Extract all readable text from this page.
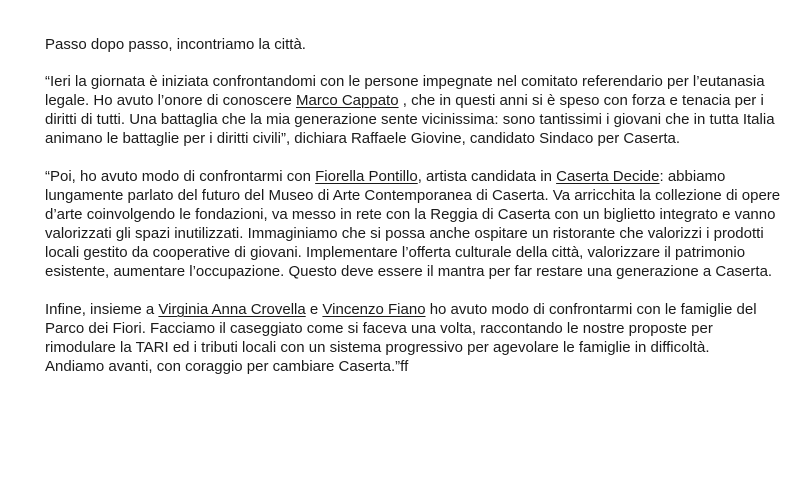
Passo dopo passo, incontriamo la città.

“Ieri la giornata è iniziata confrontandomi con le persone impegnate nel comitato referendario per l’eutanasia legale. Ho avuto l’onore di conoscere Marco Cappato , che in questi anni si è speso con forza e tenacia per i diritti di tutti. Una battaglia che la mia generazione sente vicinissima: sono tantissimi i giovani che in tutta Italia animano le battaglie per i diritti civili”, dichiara Raffaele Giovine, candidato Sindaco per Caserta.

“Poi, ho avuto modo di confrontarmi con Fiorella Pontillo, artista candidata in Caserta Decide: abbiamo lungamente parlato del futuro del Museo di Arte Contemporanea di Caserta. Va arricchita la collezione di opere d’arte coinvolgendo le fondazioni, va messo in rete con la Reggia di Caserta con un biglietto integrato e vanno valorizzati gli spazi inutilizzati. Immaginiamo che si possa anche ospitare un ristorante che valorizzi i prodotti locali gestito da cooperative di giovani. Implementare l’offerta culturale della città, valorizzare il patrimonio esistente, aumentare l’occupazione. Questo deve essere il mantra per far restare una generazione a Caserta.

Infine, insieme a Virginia Anna Crovella e Vincenzo Fiano ho avuto modo di confrontarmi con le famiglie del Parco dei Fiori. Facciamo il caseggiato come si faceva una volta, raccontando le nostre proposte per rimodulare la TARI ed i tributi locali con un sistema progressivo per agevolare le famiglie in difficoltà.

Andiamo avanti, con coraggio per cambiare Caserta.”ff
